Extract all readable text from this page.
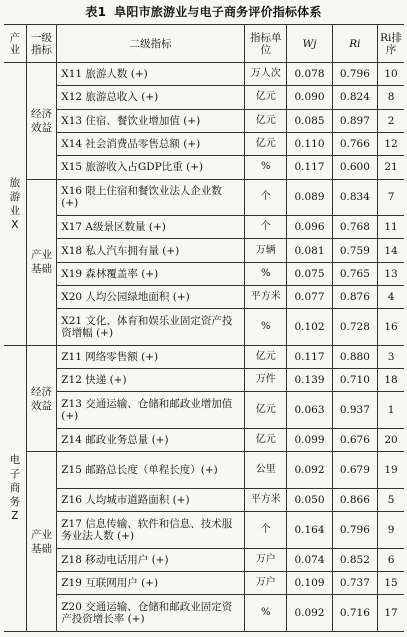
表1 阜阳市旅游业与电子商务评价指标体系
产业	一级指标	二级指标	指标单位	Wj	Ri	Ri排序
旅游业X	经济效益	X11 旅游人数 (+)	万人次	0.078	0.796	10
		X12 旅游总收入 (+)	亿元	0.090	0.824	8
		X13 住宿、餐饮业增加值 (+)	亿元	0.085	0.897	2
		X14 社会消费品零售总额 (+)	亿元	0.110	0.766	12
		X15 旅游收入占GDP比重 (+)	%	0.117	0.600	21
	产业基础	X16 限上住宿和餐饮业法人企业数 (+)	个	0.089	0.834	7
		X17 A级景区数量 (+)	个	0.096	0.768	11
		X18 私人汽车拥有量 (+)	万辆	0.081	0.759	14
		X19 森林覆盖率 (+)	%	0.075	0.765	13
		X20 人均公园绿地面积 (+)	平方米	0.077	0.876	4
		X21 文化、体育和娱乐业固定资产投资增幅 (+)	%	0.102	0.728	16
电子商务Z	经济效益	Z11 网络零售额 (+)	亿元	0.117	0.880	3
		Z12 快递 (+)	万件	0.139	0.710	18
		Z13 交通运输、仓储和邮政业增加值 (+)	亿元	0.063	0.937	1
		Z14 邮政业务总量 (+)	亿元	0.099	0.676	20
	产业基础	Z15 邮路总长度（单程长度）(+)	公里	0.092	0.679	19
		Z16 人均城市道路面积 (+)	平方米	0.050	0.866	5
		Z17 信息传输、软件和信息、技术服务业法人数 (+)	个	0.164	0.796	9
		Z18 移动电话用户 (+)	万户	0.074	0.852	6
		Z19 互联网用户 (+)	万户	0.109	0.737	15
		Z20 交通运输、仓储和邮政业固定资产投资增长率 (+)	%	0.092	0.716	17
